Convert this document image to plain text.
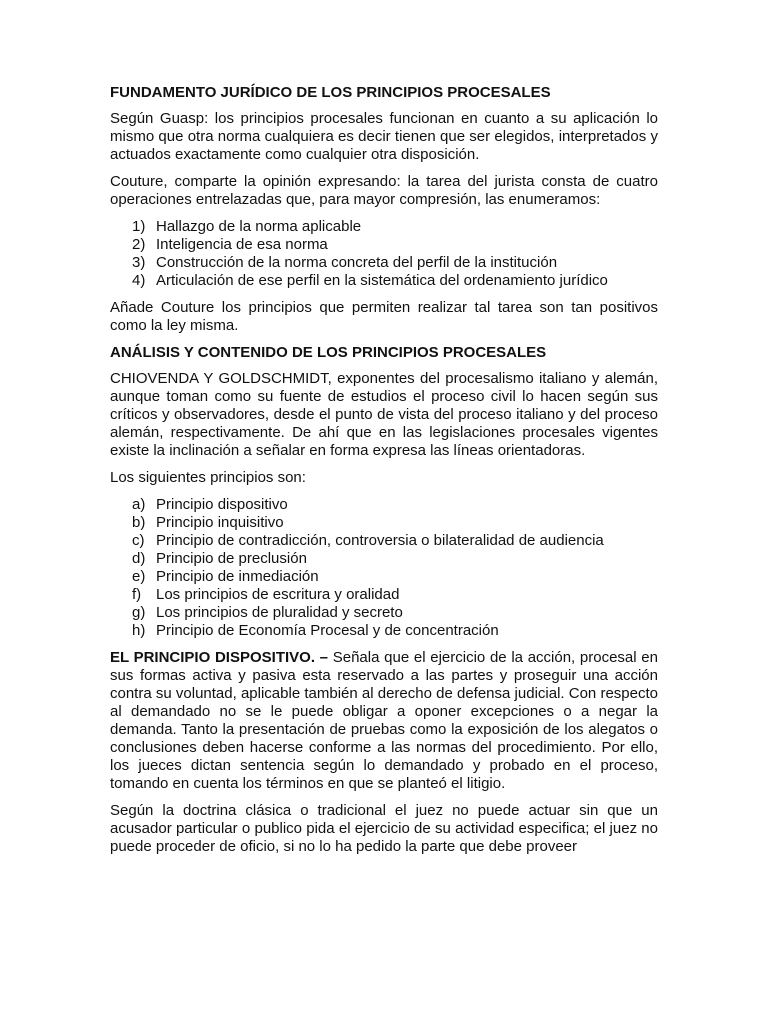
FUNDAMENTO JURÍDICO DE LOS PRINCIPIOS PROCESALES

Según Guasp: los principios procesales funcionan en cuanto a su aplicación lo mismo que otra norma cualquiera es decir tienen que ser elegidos, interpretados y actuados exactamente como cualquier otra disposición.

Couture, comparte la opinión expresando: la tarea del jurista consta de cuatro operaciones entrelazadas que, para mayor compresión, las enumeramos:

1) Hallazgo de la norma aplicable
2) Inteligencia de esa norma
3) Construcción de la norma concreta del perfil de la institución
4) Articulación de ese perfil en la sistemática del ordenamiento jurídico

Añade Couture los principios que permiten realizar tal tarea son tan positivos como la ley misma.

ANÁLISIS Y CONTENIDO DE LOS PRINCIPIOS PROCESALES

CHIOVENDA Y GOLDSCHMIDT, exponentes del procesalismo italiano y alemán, aunque toman como su fuente de estudios el proceso civil lo hacen según sus críticos y observadores, desde el punto de vista del proceso italiano y del proceso alemán, respectivamente. De ahí que en las legislaciones procesales vigentes existe la inclinación a señalar en forma expresa las líneas orientadoras.

Los siguientes principios son:

a) Principio dispositivo
b) Principio inquisitivo
c) Principio de contradicción, controversia o bilateralidad de audiencia
d) Principio de preclusión
e) Principio de inmediación
f) Los principios de escritura y oralidad
g) Los principios de pluralidad y secreto
h) Principio de Economía Procesal y de concentración

EL PRINCIPIO DISPOSITIVO. – Señala que el ejercicio de la acción, procesal en sus formas activa y pasiva esta reservado a las partes y proseguir una acción contra su voluntad, aplicable también al derecho de defensa judicial. Con respecto al demandado no se le puede obligar a oponer excepciones o a negar la demanda. Tanto la presentación de pruebas como la exposición de los alegatos o conclusiones deben hacerse conforme a las normas del procedimiento. Por ello, los jueces dictan sentencia según lo demandado y probado en el proceso, tomando en cuenta los términos en que se planteó el litigio.

Según la doctrina clásica o tradicional el juez no puede actuar sin que un acusador particular o publico pida el ejercicio de su actividad especifica; el juez no puede proceder de oficio, si no lo ha pedido la parte que debe proveer
